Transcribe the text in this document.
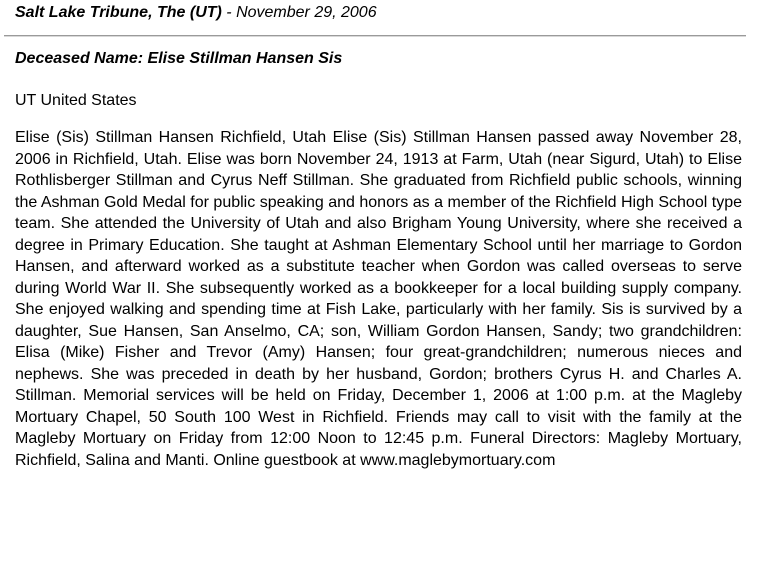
Salt Lake Tribune, The (UT) - November 29, 2006
Deceased Name: Elise Stillman Hansen Sis
UT United States

Elise (Sis) Stillman Hansen Richfield, Utah Elise (Sis) Stillman Hansen passed away November 28, 2006 in Richfield, Utah. Elise was born November 24, 1913 at Farm, Utah (near Sigurd, Utah) to Elise Rothlisberger Stillman and Cyrus Neff Stillman. She graduated from Richfield public schools, winning the Ashman Gold Medal for public speaking and honors as a member of the Richfield High School type team. She attended the University of Utah and also Brigham Young University, where she received a degree in Primary Education. She taught at Ashman Elementary School until her marriage to Gordon Hansen, and afterward worked as a substitute teacher when Gordon was called overseas to serve during World War II. She subsequently worked as a bookkeeper for a local building supply company. She enjoyed walking and spending time at Fish Lake, particularly with her family. Sis is survived by a daughter, Sue Hansen, San Anselmo, CA; son, William Gordon Hansen, Sandy; two grandchildren: Elisa (Mike) Fisher and Trevor (Amy) Hansen; four great-grandchildren; numerous nieces and nephews. She was preceded in death by her husband, Gordon; brothers Cyrus H. and Charles A. Stillman. Memorial services will be held on Friday, December 1, 2006 at 1:00 p.m. at the Magleby Mortuary Chapel, 50 South 100 West in Richfield. Friends may call to visit with the family at the Magleby Mortuary on Friday from 12:00 Noon to 12:45 p.m. Funeral Directors: Magleby Mortuary, Richfield, Salina and Manti. Online guestbook at www.maglebymortuary.com
